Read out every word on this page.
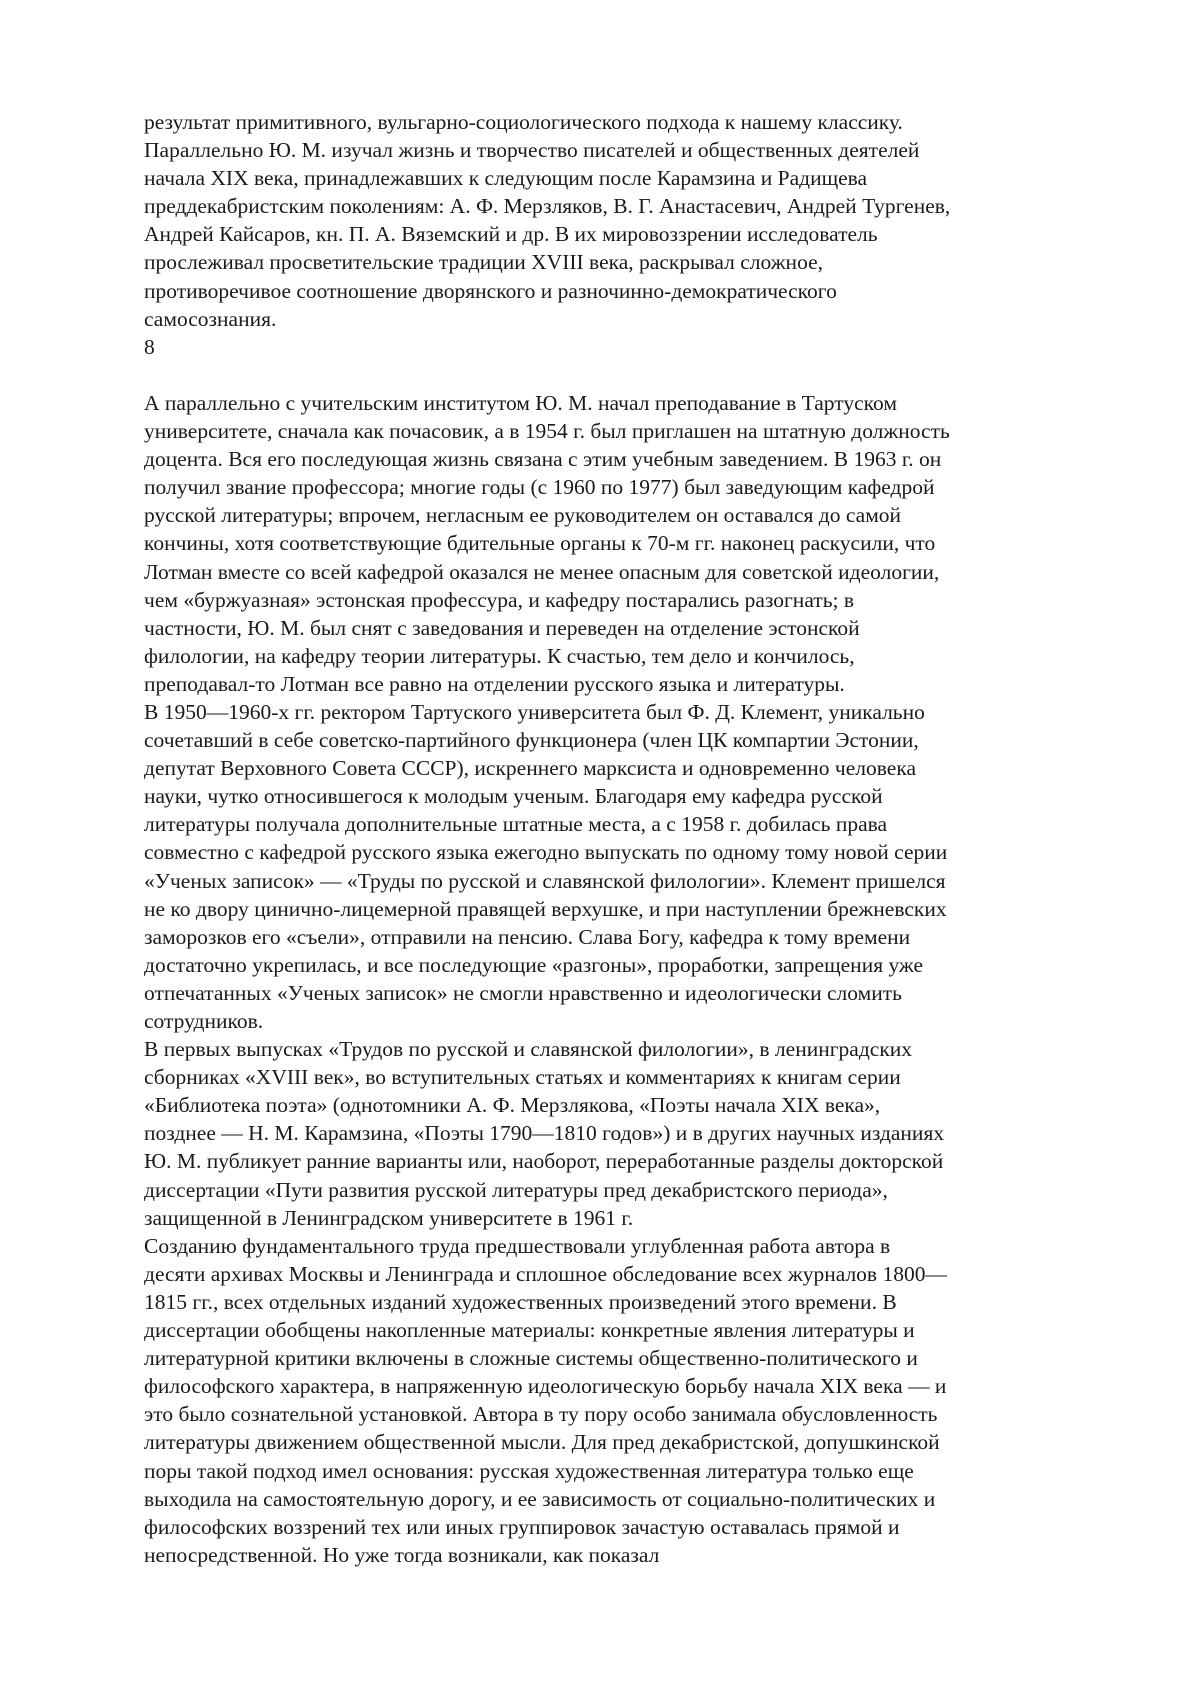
результат примитивного, вульгарно-социологического подхода к нашему классику.
Параллельно Ю. М. изучал жизнь и творчество писателей и общественных деятелей
начала XIX века, принадлежавших к следующим после Карамзина и Радищева
преддекабристским поколениям: А. Ф. Мерзляков, В. Г. Анастасевич, Андрей Тургенев,
Андрей Кайсаров, кн. П. А. Вяземский и др. В их мировоззрении исследователь
прослеживал просветительские традиции XVIII века, раскрывал сложное,
противоречивое соотношение дворянского и разночинно-демократического
самосознания.
8
А параллельно с учительским институтом Ю. М. начал преподавание в Тартуском
университете, сначала как почасовик, а в 1954 г. был приглашен на штатную должность
доцента. Вся его последующая жизнь связана с этим учебным заведением. В 1963 г. он
получил звание профессора; многие годы (с 1960 по 1977) был заведующим кафедрой
русской литературы; впрочем, негласным ее руководителем он оставался до самой
кончины, хотя соответствующие бдительные органы к 70-м гг. наконец раскусили, что
Лотман вместе со всей кафедрой оказался не менее опасным для советской идеологии,
чем «буржуазная» эстонская профессура, и кафедру постарались разогнать; в
частности, Ю. М. был снят с заведования и переведен на отделение эстонской
филологии, на кафедру теории литературы. К счастью, тем дело и кончилось,
преподавал-то Лотман все равно на отделении русского языка и литературы.
В 1950—1960-х гг. ректором Тартуского университета был Ф. Д. Клемент, уникально
сочетавший в себе советско-партийного функционера (член ЦК компартии Эстонии,
депутат Верховного Совета СССР), искреннего марксиста и одновременно человека
науки, чутко относившегося к молодым ученым. Благодаря ему кафедра русской
литературы получала дополнительные штатные места, а с 1958 г. добилась права
совместно с кафедрой русского языка ежегодно выпускать по одному тому новой серии
«Ученых записок» — «Труды по русской и славянской филологии». Клемент пришелся
не ко двору цинично-лицемерной правящей верхушке, и при наступлении брежневских
заморозков его «съели», отправили на пенсию. Слава Богу, кафедра к тому времени
достаточно укрепилась, и все последующие «разгоны», проработки, запрещения уже
отпечатанных «Ученых записок» не смогли нравственно и идеологически сломить
сотрудников.
В первых выпусках «Трудов по русской и славянской филологии», в ленинградских
сборниках «XVIII век», во вступительных статьях и комментариях к книгам серии
«Библиотека поэта» (однотомники А. Ф. Мерзлякова, «Поэты начала XIX века»,
позднее — Н. М. Карамзина, «Поэты 1790—1810 годов») и в других научных изданиях
Ю. М. публикует ранние варианты или, наоборот, переработанные разделы докторской
диссертации «Пути развития русской литературы пред декабристского периода»,
защищенной в Ленинградском университете в 1961 г.
Созданию фундаментального труда предшествовали углубленная работа автора в
десяти архивах Москвы и Ленинграда и сплошное обследование всех журналов 1800—
1815 гг., всех отдельных изданий художественных произведений этого времени. В
диссертации обобщены накопленные материалы: конкретные явления литературы и
литературной критики включены в сложные системы общественно-политического и
философского характера, в напряженную идеологическую борьбу начала XIX века — и
это было сознательной установкой. Автора в ту пору особо занимала обусловленность
литературы движением общественной мысли. Для пред декабристской, допушкинской
поры такой подход имел основания: русская художественная литература только еще
выходила на самостоятельную дорогу, и ее зависимость от социально-политических и
философских воззрений тех или иных группировок зачастую оставалась прямой и
непосредственной. Но уже тогда возникали, как показал
